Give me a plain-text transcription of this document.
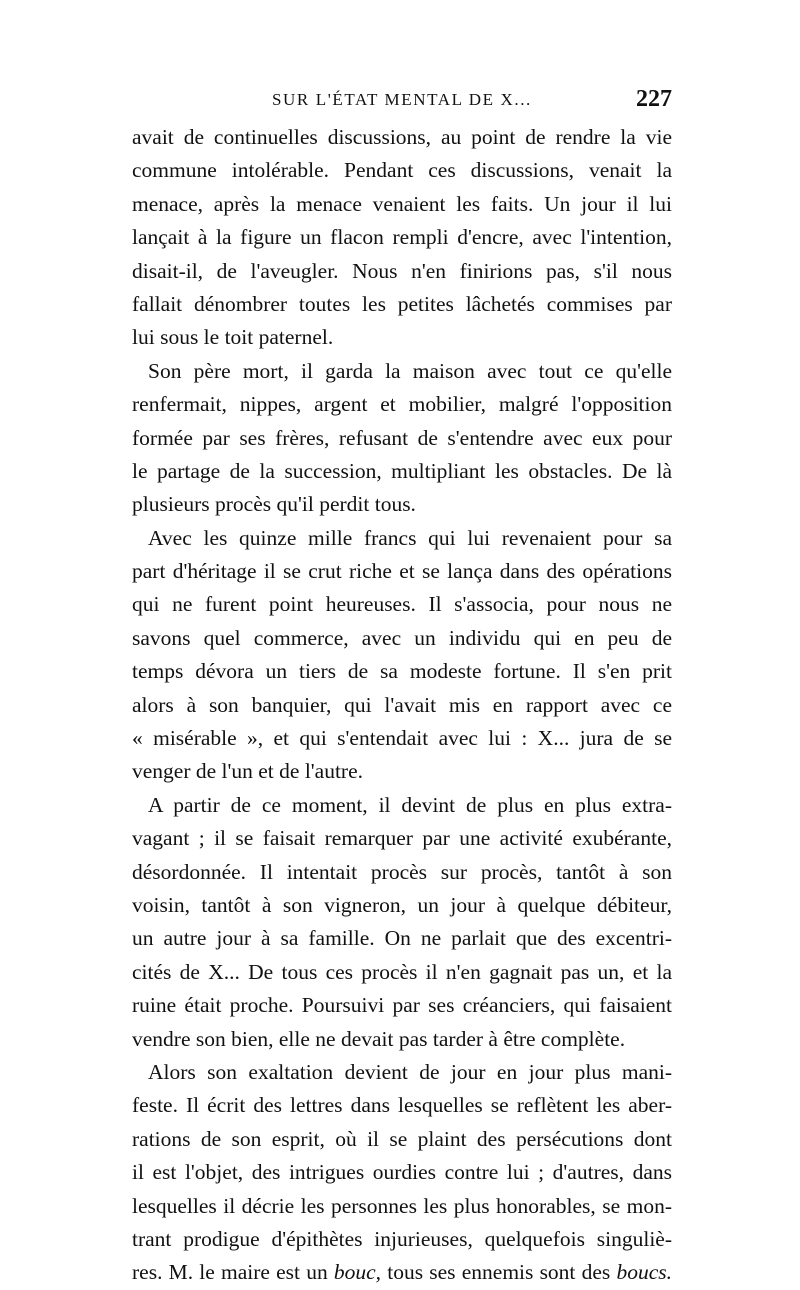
SUR L'ÉTAT MENTAL DE X...	227
avait de continuelles discussions, au point de rendre la vie
commune intolérable. Pendant ces discussions, venait la
menace, après la menace venaient les faits. Un jour il lui
lançait à la figure un flacon rempli d'encre, avec l'intention,
disait-il, de l'aveugler. Nous n'en finirions pas, s'il nous
fallait dénombrer toutes les petites lâchetés commises par
lui sous le toit paternel.
Son père mort, il garda la maison avec tout ce qu'elle
renfermait, nippes, argent et mobilier, malgré l'opposition
formée par ses frères, refusant de s'entendre avec eux pour
le partage de la succession, multipliant les obstacles. De là
plusieurs procès qu'il perdit tous.
Avec les quinze mille francs qui lui revenaient pour sa
part d'héritage il se crut riche et se lança dans des opérations
qui ne furent point heureuses. Il s'associa, pour nous ne
savons quel commerce, avec un individu qui en peu de
temps dévora un tiers de sa modeste fortune. Il s'en prit
alors à son banquier, qui l'avait mis en rapport avec ce
« misérable », et qui s'entendait avec lui : X... jura de se
venger de l'un et de l'autre.
A partir de ce moment, il devint de plus en plus extra-
vagant ; il se faisait remarquer par une activité exubérante,
désordonnée. Il intentait procès sur procès, tantôt à son
voisin, tantôt à son vigneron, un jour à quelque débiteur,
un autre jour à sa famille. On ne parlait que des excentri-
cités de X... De tous ces procès il n'en gagnait pas un, et la
ruine était proche. Poursuivi par ses créanciers, qui faisaient
vendre son bien, elle ne devait pas tarder à être complète.
Alors son exaltation devient de jour en jour plus mani-
feste. Il écrit des lettres dans lesquelles se reflètent les aber-
rations de son esprit, où il se plaint des persécutions dont
il est l'objet, des intrigues ourdies contre lui ; d'autres, dans
lesquelles il décrie les personnes les plus honorables, se mon-
trant prodigue d'épithètes injurieuses, quelquefois singuliè-
res. M. le maire est un bouc, tous ses ennemis sont des boucs.
